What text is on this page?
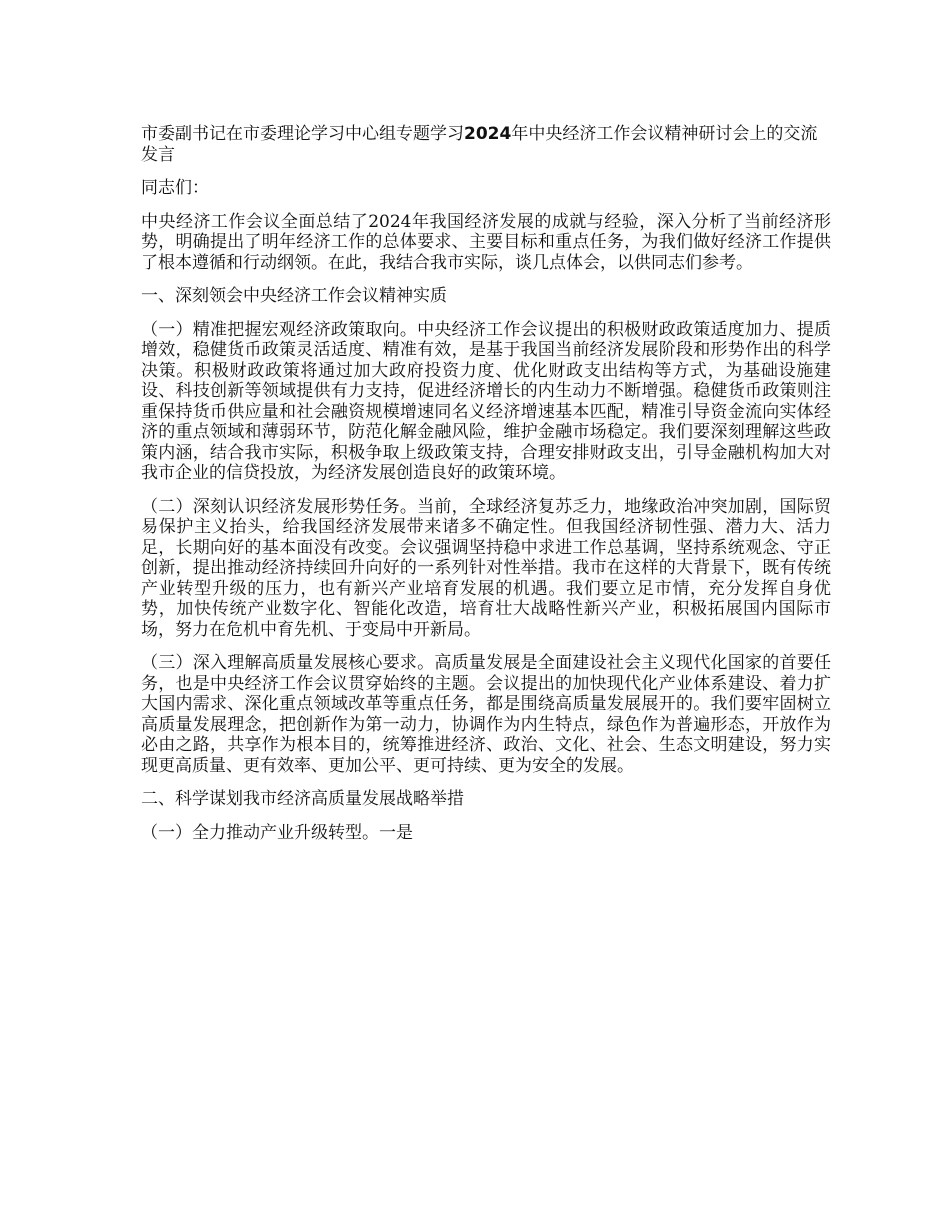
市委副书记在市委理论学习中心组专题学习2024年中央经济工作会议精神研讨会上的交流发言

同志们：

中央经济工作会议全面总结了2024年我国经济发展的成就与经验，深入分析了当前经济形势，明确提出了明年经济工作的总体要求、主要目标和重点任务，为我们做好经济工作提供了根本遵循和行动纲领。在此，我结合我市实际，谈几点体会，以供同志们参考。

一、深刻领会中央经济工作会议精神实质

（一）精准把握宏观经济政策取向。中央经济工作会议提出的积极财政政策适度加力、提质增效，稳健货币政策灵活适度、精准有效，是基于我国当前经济发展阶段和形势作出的科学决策。积极财政政策将通过加大政府投资力度、优化财政支出结构等方式，为基础设施建设、科技创新等领域提供有力支持，促进经济增长的内生动力不断增强。稳健货币政策则注重保持货币供应量和社会融资规模增速同名义经济增速基本匹配，精准引导资金流向实体经济的重点领域和薄弱环节，防范化解金融风险，维护金融市场稳定。我们要深刻理解这些政策内涵，结合我市实际，积极争取上级政策支持，合理安排财政支出，引导金融机构加大对我市企业的信贷投放，为经济发展创造良好的政策环境。

（二）深刻认识经济发展形势任务。当前，全球经济复苏乏力，地缘政治冲突加剧，国际贸易保护主义抬头，给我国经济发展带来诸多不确定性。但我国经济韧性强、潜力大、活力足，长期向好的基本面没有改变。会议强调坚持稳中求进工作总基调，坚持系统观念、守正创新，提出推动经济持续回升向好的一系列针对性举措。我市在这样的大背景下，既有传统产业转型升级的压力，也有新兴产业培育发展的机遇。我们要立足市情，充分发挥自身优势，加快传统产业数字化、智能化改造，培育壮大战略性新兴产业，积极拓展国内国际市场，努力在危机中育先机、于变局中开新局。

（三）深入理解高质量发展核心要求。高质量发展是全面建设社会主义现代化国家的首要任务，也是中央经济工作会议贯穿始终的主题。会议提出的加快现代化产业体系建设、着力扩大国内需求、深化重点领域改革等重点任务，都是围绕高质量发展展开的。我们要牢固树立高质量发展理念，把创新作为第一动力，协调作为内生特点，绿色作为普遍形态，开放作为必由之路，共享作为根本目的，统筹推进经济、政治、文化、社会、生态文明建设，努力实现更高质量、更有效率、更加公平、更可持续、更为安全的发展。

二、科学谋划我市经济高质量发展战略举措

（一）全力推动产业升级转型。一是
